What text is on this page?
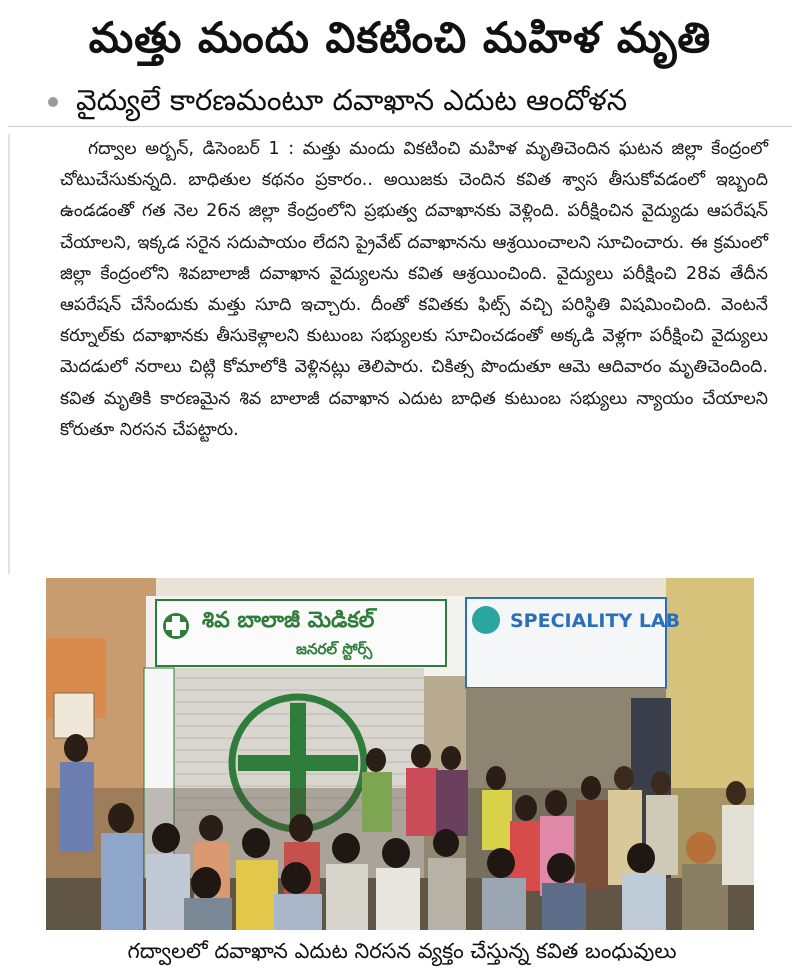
మత్తు మందు వికటించి మహిళ మృతి
వైద్యులే కారణమంటూ దవాఖాన ఎదుట ఆందోళన

గద్వాల అర్బన్, డిసెంబర్ 1 : మత్తు మందు వికటించి మహిళ మృతిచెందిన ఘటన జిల్లా కేంద్రంలో చోటుచేసుకున్నది. బాధితుల కథనం ప్రకారం.. అయిజకు చెందిన కవిత శ్వాస తీసుకోవడంలో ఇబ్బంది ఉండడంతో గత నెల 26న జిల్లా కేంద్రంలోని ప్రభుత్వ దవాఖానకు వెళ్లింది. పరీక్షించిన వైద్యుడు ఆపరేషన్ చేయాలని, ఇక్కడ సరైన సదుపాయం లేదని ప్రైవేట్ దవాఖానను ఆశ్రయించాలని సూచించారు. ఈ క్రమంలో జిల్లా కేంద్రంలోని శివబాలాజీ దవాఖాన వైద్యులను కవిత ఆశ్రయించింది. వైద్యులు పరీక్షించి 28వ తేదీన ఆపరేషన్ చేసేందుకు మత్తు సూది ఇచ్చారు. దీంతో కవితకు ఫిట్స్ వచ్చి పరిస్థితి విషమించింది. వెంటనే కర్నూల్‌కు దవాఖానకు తీసుకెళ్లాలని కుటుంబ సభ్యులకు సూచించడంతో అక్కడి వెళ్లగా పరీక్షించి వైద్యులు మెదడులో నరాలు చిట్లి కోమాలోకి వెళ్లినట్లు తెలిపారు. చికిత్స పొందుతూ ఆమె ఆదివారం మృతిచెందింది. కవిత మృతికి కారణమైన శివ బాలాజీ దవాఖాన ఎదుట బాధిత కుటుంబ సభ్యులు న్యాయం చేయాలని కోరుతూ నిరసన చేపట్టారు.

శివ బాలాజీ మెడికల్
జనరల్ స్టోర్స్
SPECIALITY LAB
గద్వాలలో దవాఖాన ఎదుట నిరసన వ్యక్తం చేస్తున్న కవిత బంధువులు
